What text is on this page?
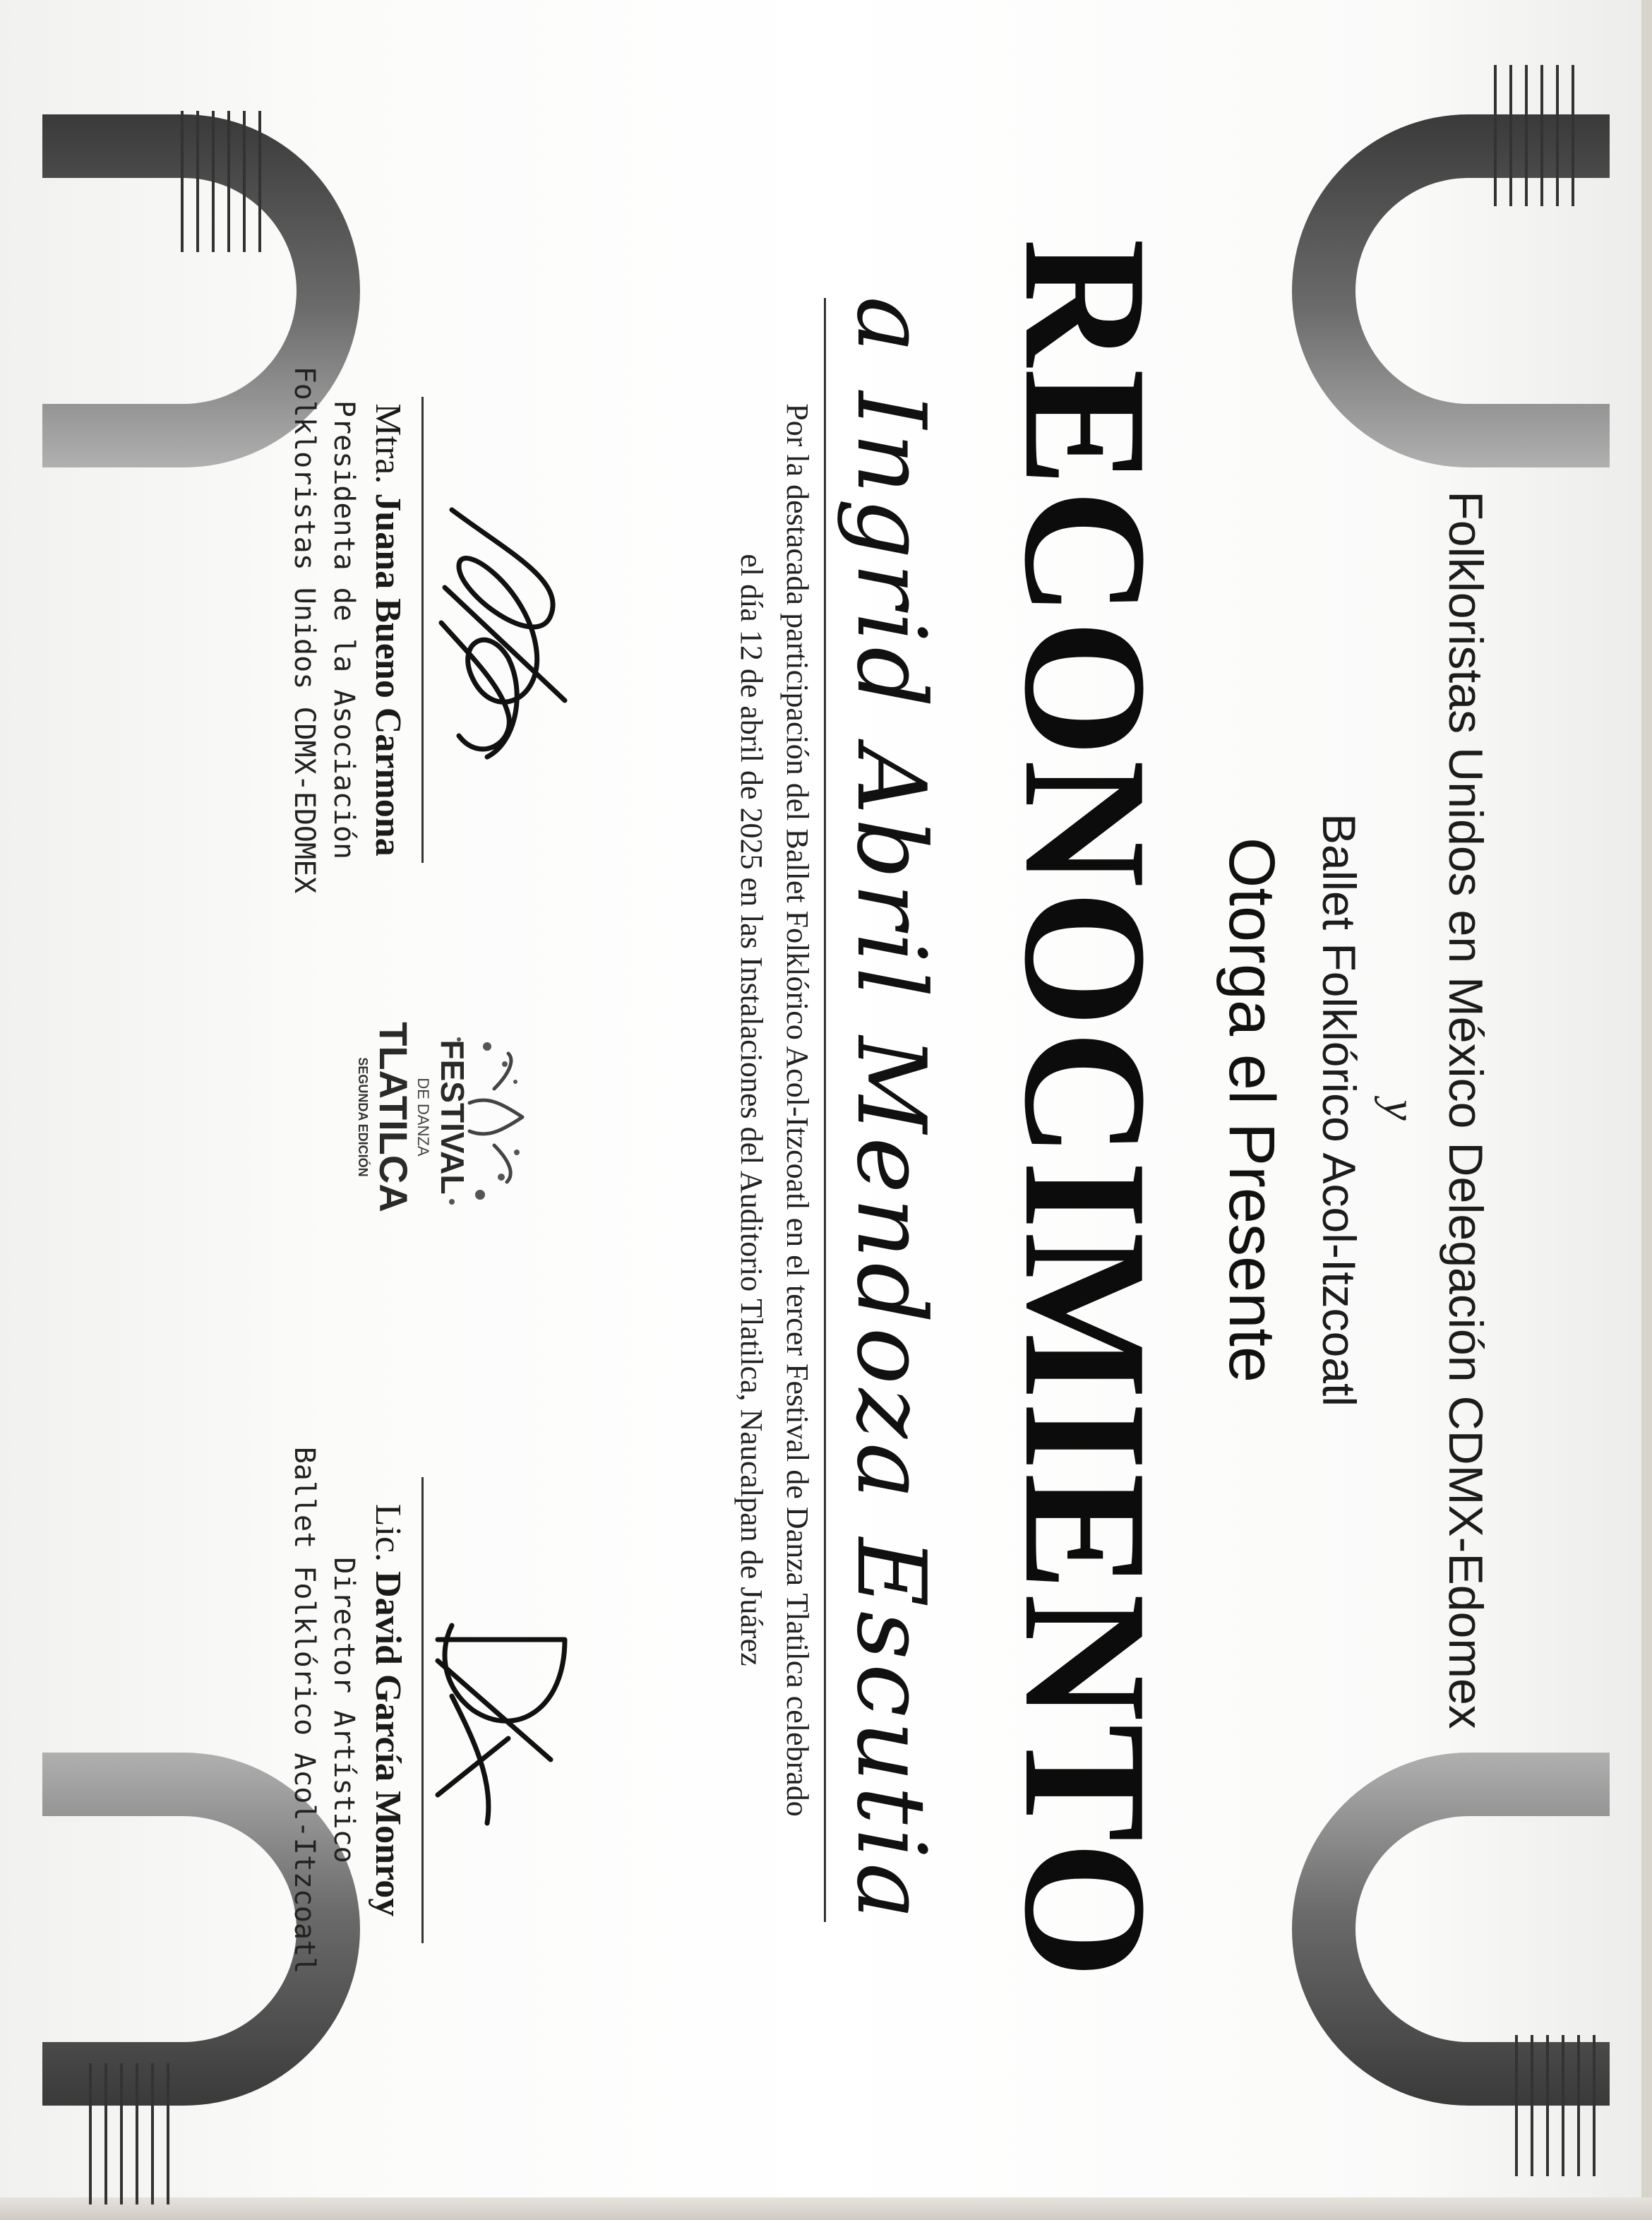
Folkloristas Unidos en México Delegación CDMX-Edomex
y
Ballet Folklórico Acol-Itzcoatl
Otorga el Presente
RECONOCIMIENTO
a Ingrid Abril Mendoza Escutia
Por la destacada participación del Ballet Folklórico Acol-Itzcoatl en el tercer Festival de Danza Tlatilca celebrado
el día 12 de abril de 2025 en las Instalaciones del Auditorio Tlatilca, Naucalpan de Juárez
Mtra. Juana Bueno Carmona
Presidenta de la Asociación
Folkloristas Unidos CDMX-EDOMEX
Lic. David García Monroy
Director Artístico
Ballet Folklórico Acol-Itzcoatl
FESTIVAL
DE DANZA
TLATILCA
SEGUNDA EDICIÓN
